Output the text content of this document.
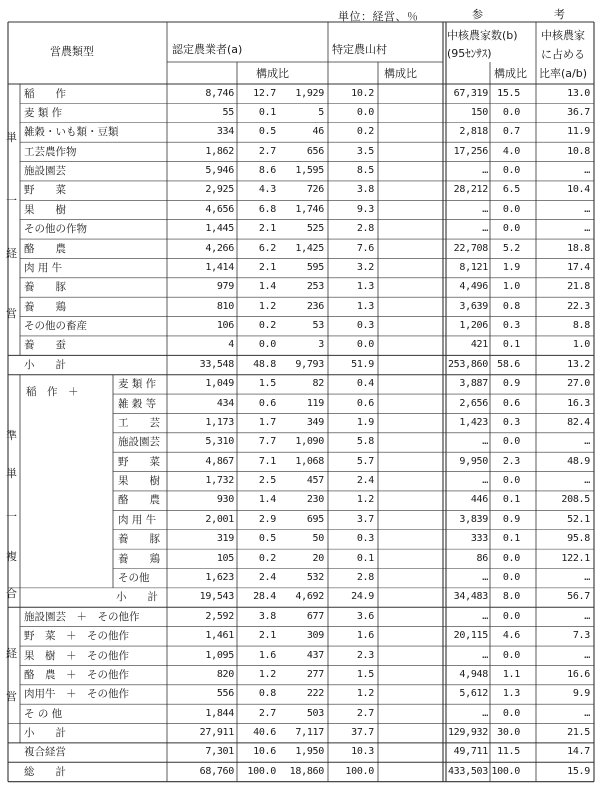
単位：経営、％	参　考
営農類型	認定農業者(a)
構成比
特定農山村
構成比
中核農家数(b)
(95ｾﾝｻｽ)
構成比
中核農家
に占める
比率(a/b)
単
一
経
営
準
単
一
複
合
経
営
稲　作　＋
稲　　作	8,746	12.7	1,929	10.2	67,319 15.5	13.0
麦 類 作	55	0.1	5	0.0	150	0.0	36.7
雑穀・いも類・豆類	334	0.5	46	0.2	2,818	0.7	11.9
工芸農作物	1,862	2.7	656	3.5	17,256	4.0	10.8
施設園芸	5,946	8.6	1,595	8.5	…	0.0	…
野　　菜	2,925	4.3	726	3.8	28,212	6.5	10.4
果　　樹	4,656	6.8	1,746	9.3	…	0.0	…
その他の作物	1,445	2.1	525	2.8	…	0.0	…
酪　　農	4,266	6.2	1,425	7.6	22,708	5.2	18.8
肉 用 牛	1,414	2.1	595	3.2	8,121	1.9	17.4
養　　豚	979	1.4	253	1.3	4,496	1.0	21.8
養　　鶏	810	1.2	236	1.3	3,639	0.8	22.3
その他の畜産	106	0.2	53	0.3	1,206	0.3	8.8
養　　蚕	4	0.0	3	0.0	421	0.1	1.0
小　　計	33,548	48.8	9,793	51.9	253,860 58.6	13.2
麦 類 作	1,049	1.5	82	0.4	3,887	0.9	27.0
雑 穀 等	434	0.6	119	0.6	2,656	0.6	16.3
工　　芸	1,173	1.7	349	1.9	1,423	0.3	82.4
施設園芸	5,310	7.7	1,090	5.8	…	0.0	…
野　　菜	4,867	7.1	1,068	5.7	9,950	2.3	48.9
果　　樹	1,732	2.5	457	2.4	…	0.0	…
酪　　農	930	1.4	230	1.2	446	0.1	208.5
肉 用 牛	2,001	2.9	695	3.7	3,839	0.9	52.1
養　　豚	319	0.5	50	0.3	333	0.1	95.8
養　　鶏	105	0.2	20	0.1	86	0.0	122.1
その他	1,623	2.4	532	2.8	…	0.0	…
小　　計	19,543	28.4	4,692	24.9	34,483	8.0	56.7
施設園芸　＋　その他作	2,592	3.8	677	3.6	…	0.0	…
野　菜　＋　その他作	1,461	2.1	309	1.6	20,115	4.6	7.3
果　樹　＋　その他作	1,095	1.6	437	2.3	…	0.0	…
酪　農　＋　その他作	820	1.2	277	1.5	4,948	1.1	16.6
肉用牛　＋　その他作	556	0.8	222	1.2	5,612	1.3	9.9
そ の 他	1,844	2.7	503	2.7	…	0.0	…
小　　計	27,911	40.6	7,117	37.7	129,932 30.0	21.5
複合経営	7,301	10.6	1,950	10.3	49,711 11.5	14.7
総　　計	68,760	100.0	18,860	100.0	433,503 100.0	15.9
